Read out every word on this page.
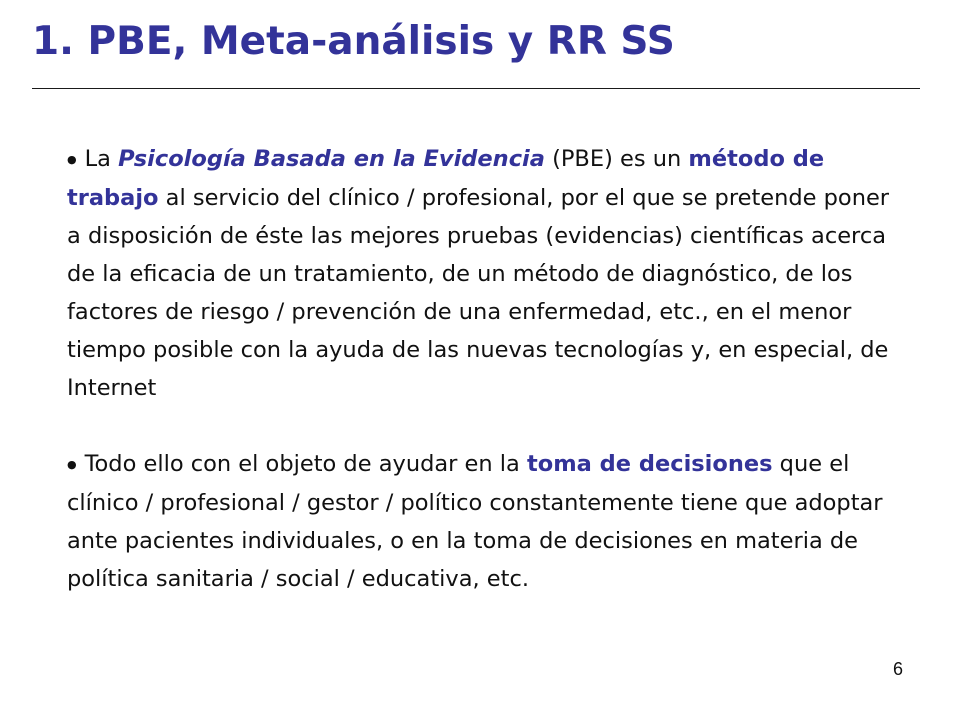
1. PBE, Meta-análisis y RR SS

● La Psicología Basada en la Evidencia (PBE) es un método de trabajo al servicio del clínico / profesional, por el que se pretende poner a disposición de éste las mejores pruebas (evidencias) científicas acerca de la eficacia de un tratamiento, de un método de diagnóstico, de los factores de riesgo / prevención de una enfermedad, etc., en el menor tiempo posible con la ayuda de las nuevas tecnologías y, en especial, de Internet

● Todo ello con el objeto de ayudar en la toma de decisiones que el clínico / profesional / gestor / político constantemente tiene que adoptar ante pacientes individuales, o en la toma de decisiones en materia de política sanitaria / social / educativa, etc.

6
